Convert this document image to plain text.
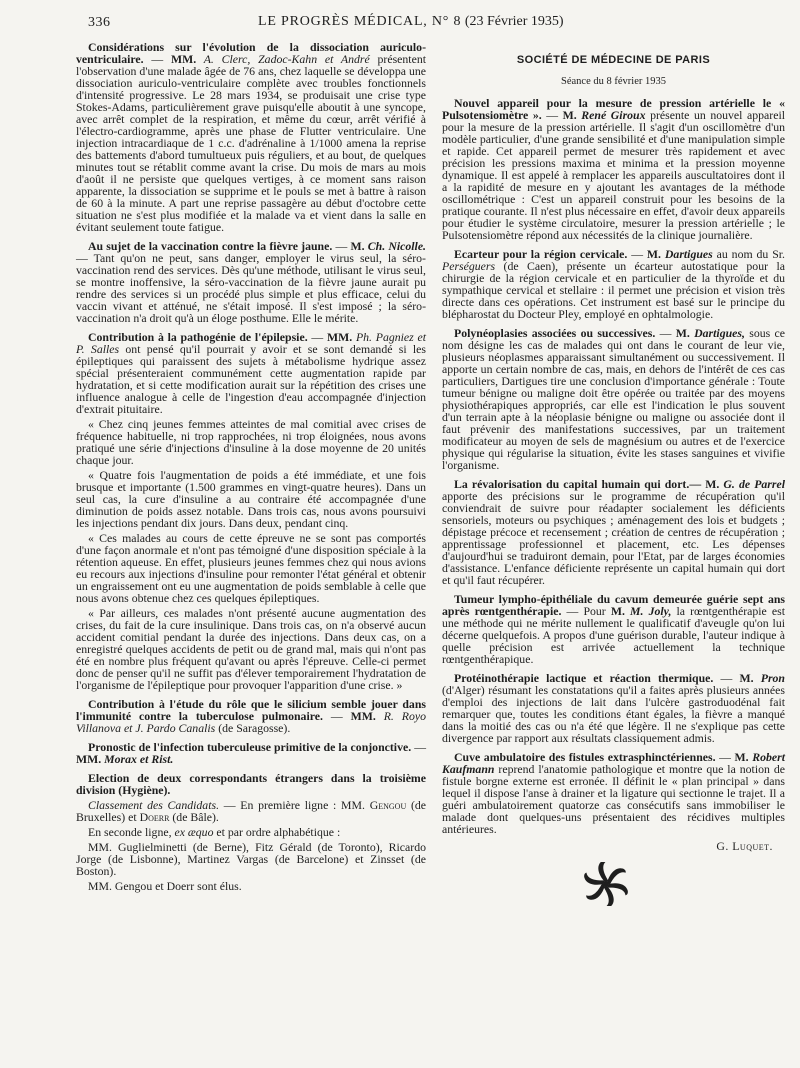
336	LE PROGRÈS MÉDICAL, N° 8 (23 Février 1935)

Considérations sur l'évolution de la dissociation auriculo-ventriculaire. — MM. A. Clerc, Zadoc-Kahn et André présentent l'observation d'une malade âgée de 76 ans, chez laquelle se développa une dissociation auriculo-ventriculaire complète avec troubles fonctionnels d'intensité progressive. Le 28 mars 1934, se produisait une crise type Stokes-Adams, particulièrement grave puisqu'elle aboutit à une syncope, avec arrêt complet de la respiration, et même du cœur, arrêt vérifié à l'électro-cardiogramme, après une phase de Flutter ventriculaire. Une injection intracardiaque de 1 c.c. d'adrénaline à 1/1000 amena la reprise des battements d'abord tumultueux puis réguliers, et au bout, de quelques minutes tout se rétablit comme avant la crise. Du mois de mars au mois d'août il ne persiste que quelques vertiges, à ce moment sans raison apparente, la dissociation se supprime et le pouls se met à battre à raison de 60 à la minute. A part une reprise passagère au début d'octobre cette situation ne s'est plus modifiée et la malade va et vient dans la salle en évitant seulement toute fatigue.

Au sujet de la vaccination contre la fièvre jaune. — M. Ch. Nicolle. — Tant qu'on ne peut, sans danger, employer le virus seul, la séro-vaccination rend des services. Dès qu'une méthode, utilisant le virus seul, se montre inoffensive, la séro-vaccination de la fièvre jaune aurait pu rendre des services si un procédé plus simple et plus efficace, celui du vaccin vivant et atténué, ne s'était imposé. Il s'est imposé ; la séro-vaccination n'a droit qu'à un éloge posthume. Elle le mérite.

Contribution à la pathogénie de l'épilepsie. — MM. Ph. Pagniez et P. Salles ont pensé qu'il pourrait y avoir et se sont demandé si les épileptiques qui paraissent des sujets à métabolisme hydrique assez spécial présenteraient communément cette augmentation rapide par hydratation, et si cette modification aurait sur la répétition des crises une influence analogue à celle de l'ingestion d'eau accompagnée d'injection d'extrait pituitaire.

« Chez cinq jeunes femmes atteintes de mal comitial avec crises de fréquence habituelle, ni trop rapprochées, ni trop éloignées, nous avons pratiqué une série d'injections d'insuline à la dose moyenne de 20 unités chaque jour.

« Quatre fois l'augmentation de poids a été immédiate, et une fois brusque et importante (1.500 grammes en vingt-quatre heures). Dans un seul cas, la cure d'insuline a au contraire été accompagnée d'une diminution de poids assez notable. Dans trois cas, nous avons poursuivi les injections pendant dix jours. Dans deux, pendant cinq.

« Ces malades au cours de cette épreuve ne se sont pas comportés d'une façon anormale et n'ont pas témoigné d'une disposition spéciale à la rétention aqueuse. En effet, plusieurs jeunes femmes chez qui nous avions eu recours aux injections d'insuline pour remonter l'état général et obtenir un engraissement ont eu une augmentation de poids semblable à celle que nous avons obtenue chez ces quelques épileptiques.

« Par ailleurs, ces malades n'ont présenté aucune augmentation des crises, du fait de la cure insulinique. Dans trois cas, on n'a observé aucun accident comitial pendant la durée des injections. Dans deux cas, on a enregistré quelques accidents de petit ou de grand mal, mais qui n'ont pas été en nombre plus fréquent qu'avant ou après l'épreuve. Celle-ci permet donc de penser qu'il ne suffit pas d'élever temporairement l'hydratation de l'organisme de l'épileptique pour provoquer l'apparition d'une crise. »

Contribution à l'étude du rôle que le silicium semble jouer dans l'immunité contre la tuberculose pulmonaire. — MM. R. Royo Villanova et J. Pardo Canalis (de Saragosse).

Pronostic de l'infection tuberculeuse primitive de la conjonctive. — MM. Morax et Rist.

Election de deux correspondants étrangers dans la troisième division (Hygiène).

Classement des Candidats. — En première ligne : MM. Gengou (de Bruxelles) et Doerr (de Bâle).

En seconde ligne, ex æquo et par ordre alphabétique :

MM. Guglielminetti (de Berne), Fitz Gérald (de Toronto), Ricardo Jorge (de Lisbonne), Martinez Vargas (de Barcelone) et Zinsset (de Boston).

MM. Gengou et Doerr sont élus.

SOCIÉTÉ DE MÉDECINE DE PARIS
Séance du 8 février 1935

Nouvel appareil pour la mesure de pression artérielle le « Pulsotensiomètre ». — M. René Giroux présente un nouvel appareil pour la mesure de la pression artérielle. Il s'agit d'un oscillomètre d'un modèle particulier, d'une grande sensibilité et d'une manipulation simple et rapide. Cet appareil permet de mesurer très rapidement et avec précision les pressions maxima et minima et la pression moyenne dynamique. Il est appelé à remplacer les appareils auscultatoires dont il a la rapidité de mesure en y ajoutant les avantages de la méthode oscillométrique : C'est un appareil construit pour les besoins de la pratique courante. Il n'est plus nécessaire en effet, d'avoir deux appareils pour étudier le système circulatoire, mesurer la pression artérielle ; le Pulsotensiomètre répond aux nécessités de la clinique journalière.

Ecarteur pour la région cervicale. — M. Dartigues au nom du Sr. Perséguers (de Caen), présente un écarteur autostatique pour la chirurgie de la région cervicale et en particulier de la thyroïde et du sympathique cervical et stellaire : il permet une précision et vision très directe dans ces opérations. Cet instrument est basé sur le principe du blépharostat du Docteur Pley, employé en ophtalmologie.

Polynéoplasies associées ou successives. — M. Dartigues, sous ce nom désigne les cas de malades qui ont dans le courant de leur vie, plusieurs néoplasmes apparaissant simultanément ou successivement. Il apporte un certain nombre de cas, mais, en dehors de l'intérêt de ces cas particuliers, Dartigues tire une conclusion d'importance générale : Toute tumeur bénigne ou maligne doit être opérée ou traitée par des moyens physiothérapiques appropriés, car elle est l'indication le plus souvent d'un terrain apte à la néoplasie bénigne ou maligne ou associée dont il faut prévenir des manifestations successives, par un traitement modificateur au moyen de sels de magnésium ou autres et de l'exercice physique qui régularise la situation, évite les stases sanguines et vivifie l'organisme.

La révalorisation du capital humain qui dort.— M. G. de Parrel apporte des précisions sur le programme de récupération qu'il conviendrait de suivre pour réadapter socialement les déficients sensoriels, moteurs ou psychiques ; aménagement des lois et budgets ; dépistage précoce et recensement ; création de centres de récupération ; apprentissage professionnel et placement, etc. Les dépenses d'aujourd'hui se traduiront demain, pour l'Etat, par de larges économies d'assistance. L'enfance déficiente représente un capital humain qui dort et qu'il faut récupérer.

Tumeur lympho-épithéliale du cavum demeurée guérie sept ans après rœntgenthérapie. — Pour M. M. Joly, la rœntgenthérapie est une méthode qui ne mérite nullement le qualificatif d'aveugle qu'on lui décerne quelquefois. A propos d'une guérison durable, l'auteur indique à quelle précision est arrivée actuellement la technique rœntgenthérapique.

Protéinothérapie lactique et réaction thermique. — M. Pron (d'Alger) résumant les constatations qu'il a faites après plusieurs années d'emploi des injections de lait dans l'ulcère gastroduodénal fait remarquer que, toutes les conditions étant égales, la fièvre a manqué dans la moitié des cas ou n'a été que légère. Il ne s'explique pas cette divergence par rapport aux résultats classiquement admis.

Cuve ambulatoire des fistules extrasphinctériennes. — M. Robert Kaufmann reprend l'anatomie pathologique et montre que la notion de fistule borgne externe est erronée. Il définit le « plan principal » dans lequel il dispose l'anse à drainer et la ligature qui sectionne le trajet. Il a guéri ambulatoirement quatorze cas consécutifs sans immobiliser le malade dont quelques-uns présentaient des récidives multiples antérieures.

G. Luquet.
